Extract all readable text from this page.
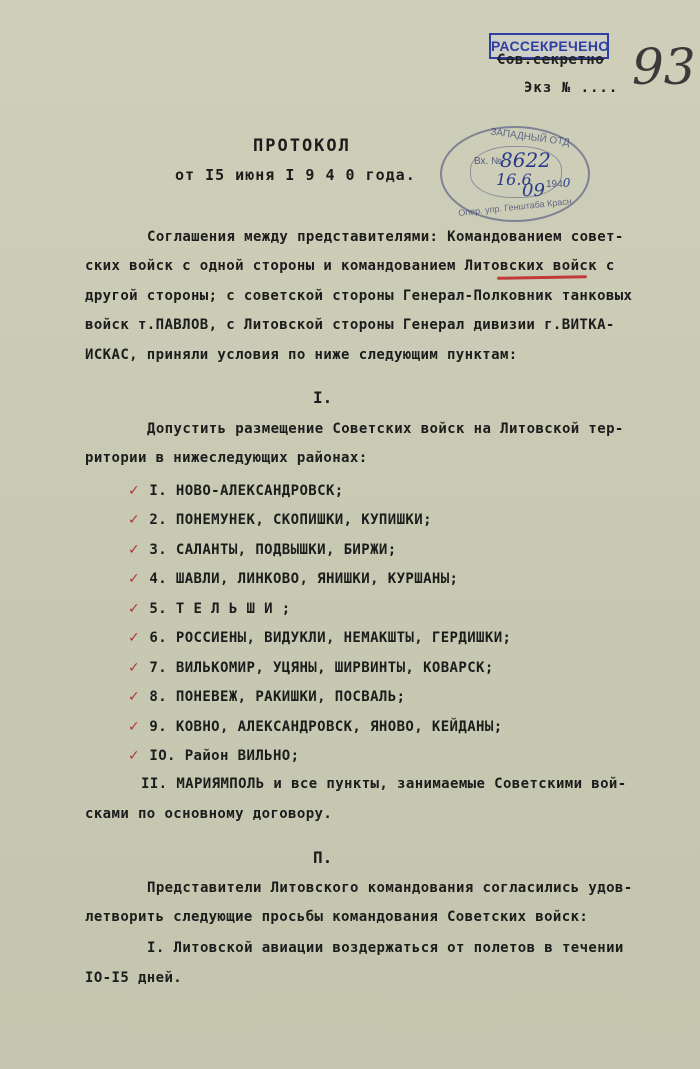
РАССЕКРЕЧЕНО
Сов.секретно
Экз № .... 93
ПРОТОКОЛ
от I5 июня I 9 4 0 года.
ЗАПАДНЫЙ ОТД
Вх. №
8622
16.6 1940
09
Опер. упр. Генштаба Красн
Соглашения между представителями: Командованием совет-
ских войск с одной стороны и командованием Литовских войск с
другой стороны; с советской стороны Генерал-Полковник танковых
войск т.ПАВЛОВ, с Литовской стороны Генерал дивизии г.ВИТКА-
ИСКАС, приняли условия по ниже следующим пунктам:
I.
Допустить размещение Советских войск на Литовской тер-
ритории в нижеследующих районах:
✓ I. НОВО-АЛЕКСАНДРОВСК;
✓ 2. ПОНЕМУНЕК, СКОПИШКИ, КУПИШКИ;
✓ 3. САЛАНТЫ, ПОДВЫШКИ, БИРЖИ;
✓ 4. ШАВЛИ, ЛИНКОВО, ЯНИШКИ, КУРШАНЫ;
✓ 5. Т Е Л Ь Ш И ;
✓ 6. РОССИЕНЫ, ВИДУКЛИ, НЕМАКШТЫ, ГЕРДИШКИ;
✓ 7. ВИЛЬКОМИР, УЦЯНЫ, ШИРВИНТЫ, КОВАРСК;
✓ 8. ПОНЕВЕЖ, РАКИШКИ, ПОСВАЛЬ;
✓ 9. КОВНО, АЛЕКСАНДРОВСК, ЯНОВО, КЕЙДАНЫ;
✓ IO. Район ВИЛЬНО;
II. МАРИЯМПОЛЬ и все пункты, занимаемые Советскими вой-
сками по основному договору.
П.
Представители Литовского командования согласились удов-
летворить следующие просьбы командования Советских войск:
I. Литовской авиации воздержаться от полетов в течении
IO-I5 дней.
